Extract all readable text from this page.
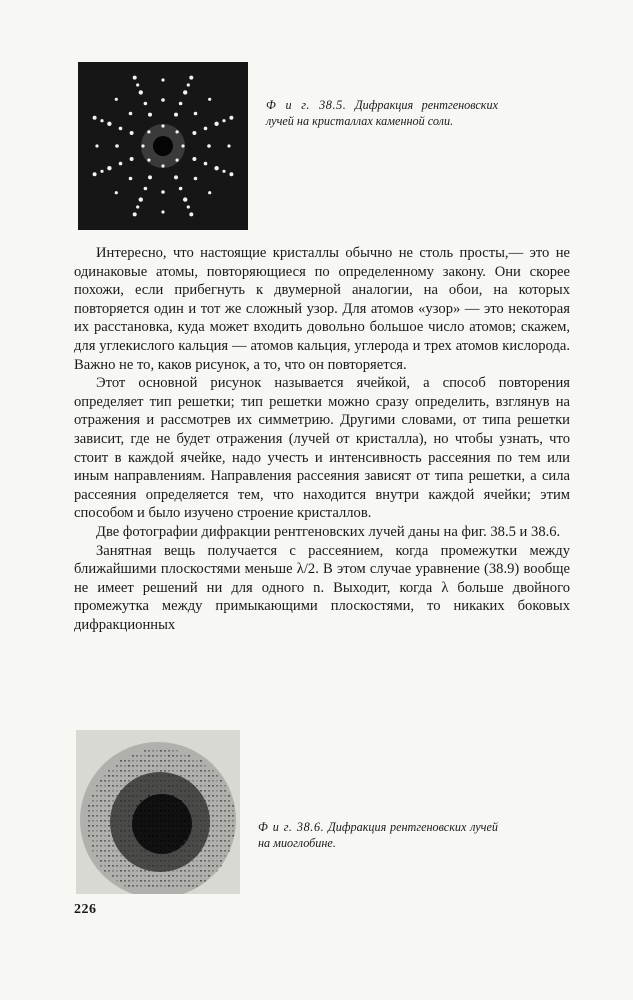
Ф и г. 38.5. Дифракция рентгеновских лучей на кристаллах каменной соли.

Интересно, что настоящие кристаллы обычно не столь просты,— это не одинаковые атомы, повторяющиеся по определенному закону. Они скорее похожи, если прибегнуть к двумерной аналогии, на обои, на которых повторяется один и тот же сложный узор. Для атомов «узор» — это некоторая их расстановка, куда может входить довольно большое число атомов; скажем, для углекислого кальция — атомов кальция, углерода и трех атомов кислорода. Важно не то, каков рисунок, а то, что он повторяется.

Этот основной рисунок называется ячейкой, а способ повторения определяет тип решетки; тип решетки можно сразу определить, взглянув на отражения и рассмотрев их симметрию. Другими словами, от типа решетки зависит, где не будет отражения (лучей от кристалла), но чтобы узнать, что стоит в каждой ячейке, надо учесть и интенсивность рассеяния по тем или иным направлениям. Направления рассеяния зависят от типа решетки, а сила рассеяния определяется тем, что находится внутри каждой ячейки; этим способом и было изучено строение кристаллов.

Две фотографии дифракции рентгеновских лучей даны на фиг. 38.5 и 38.6.

Занятная вещь получается с рассеянием, когда промежутки между ближайшими плоскостями меньше λ/2. В этом случае уравнение (38.9) вообще не имеет решений ни для одного n. Выходит, когда λ больше двойного промежутка между примыкающими плоскостями, то никаких боковых дифракционных

Ф и г. 38.6. Дифракция рентгеновских лучей на миоглобине.
226
